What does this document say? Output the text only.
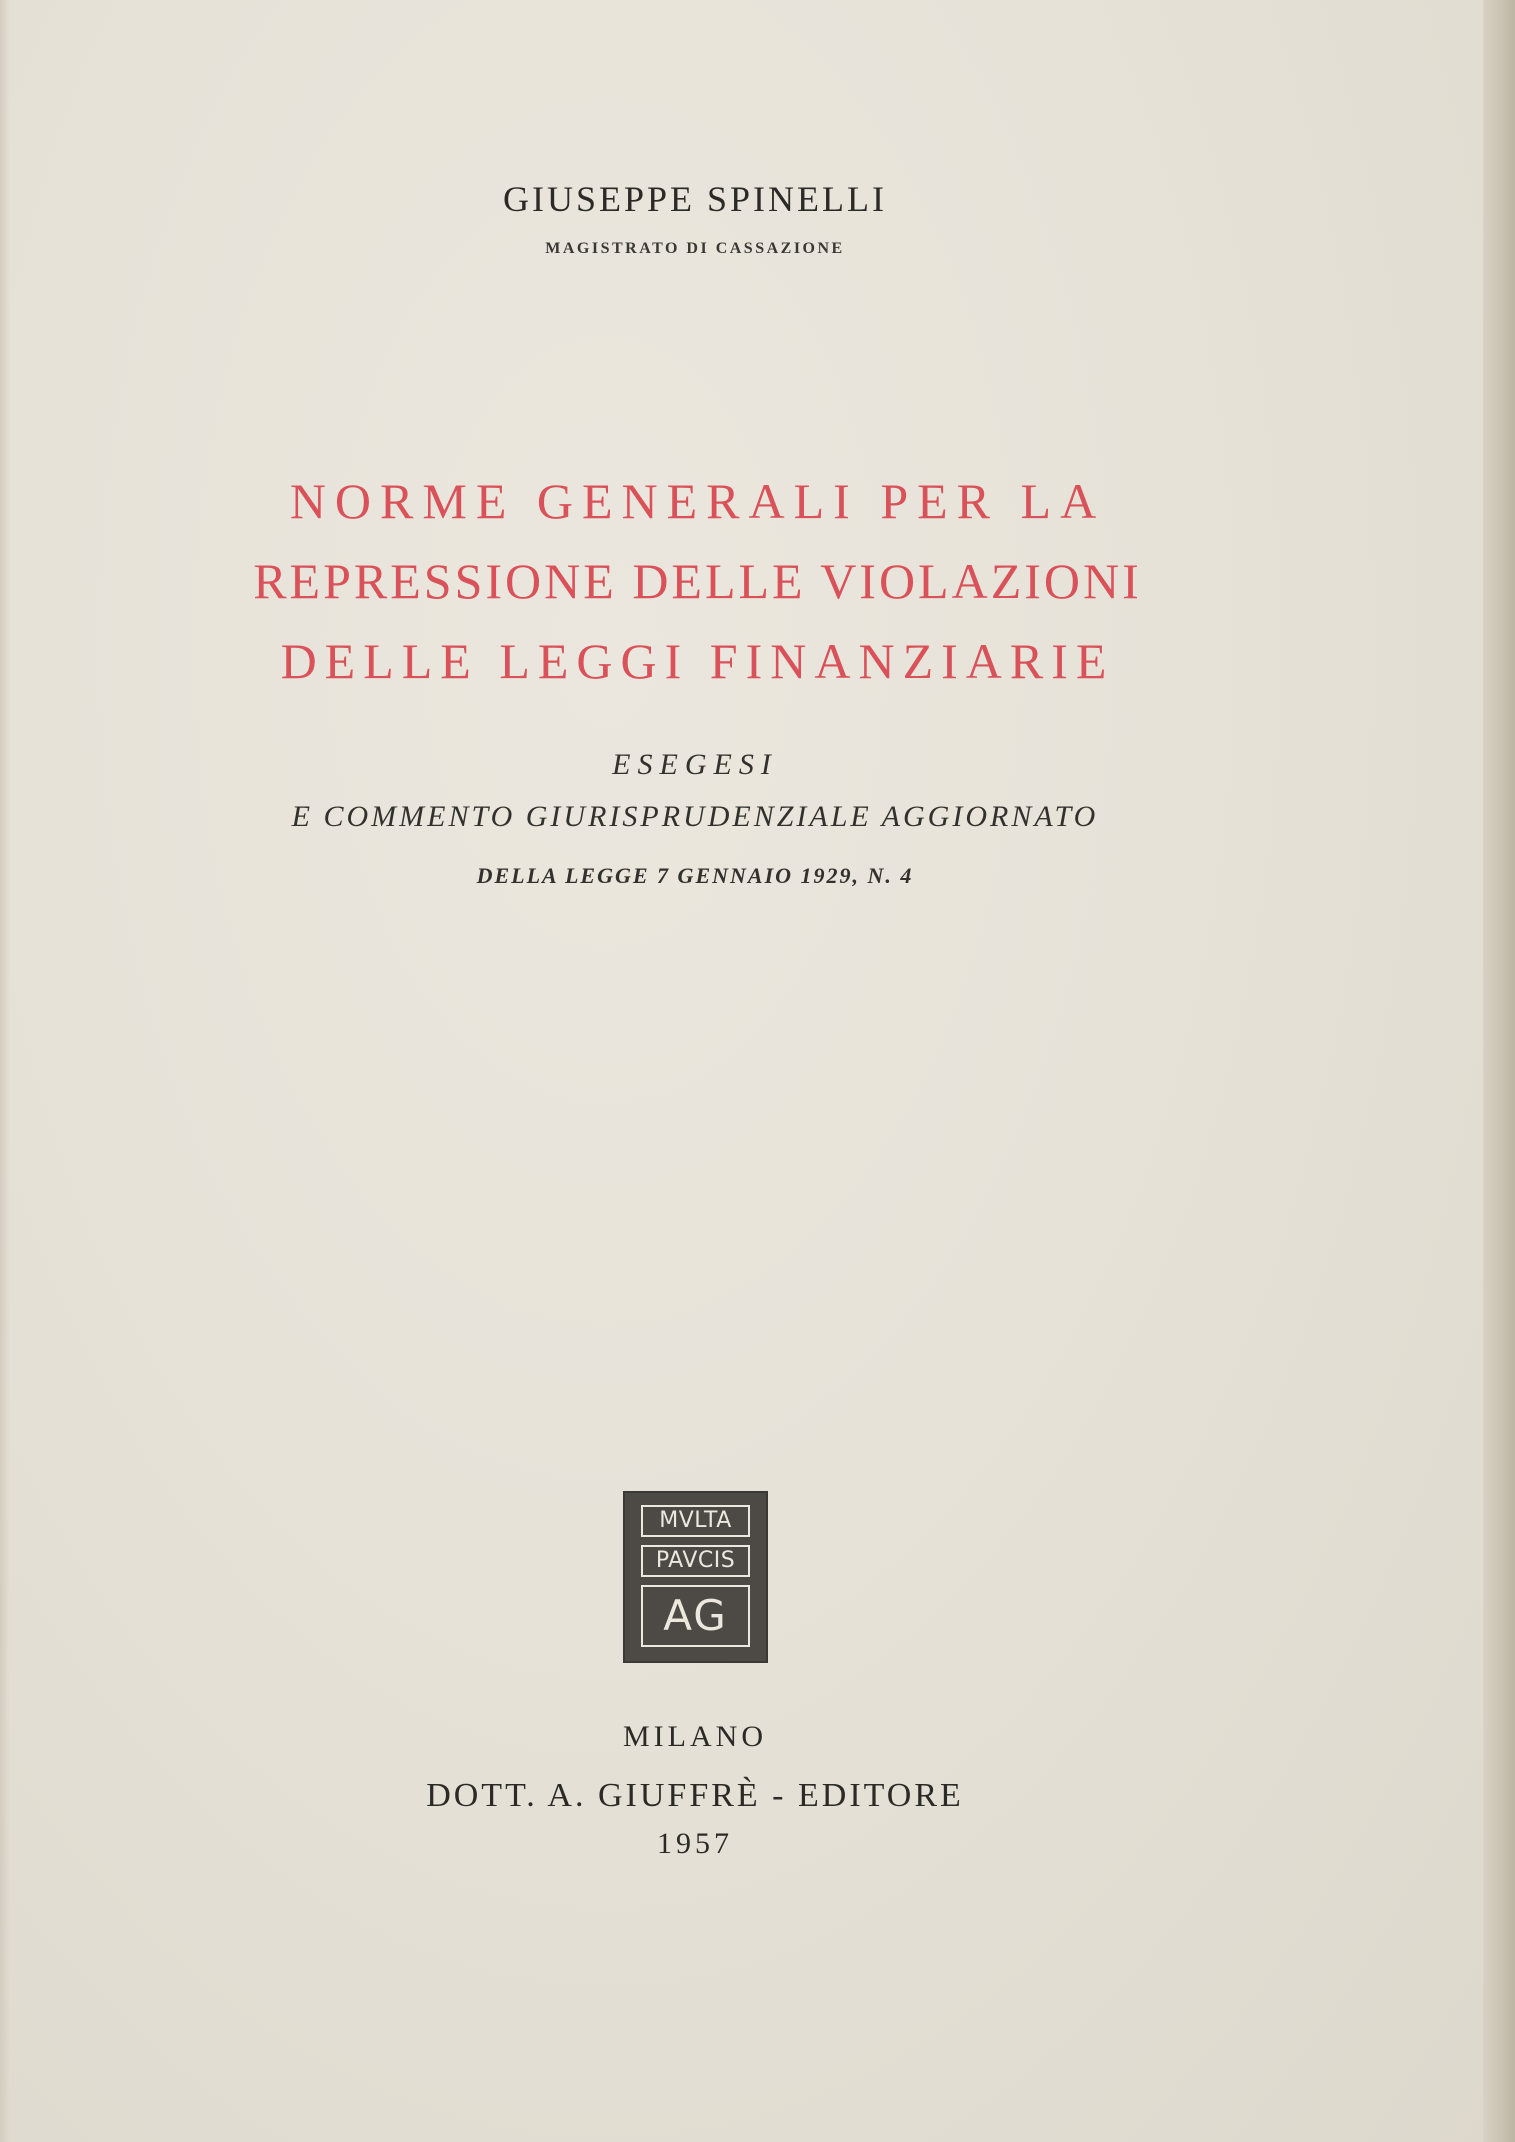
GIUSEPPE SPINELLI
MAGISTRATO DI CASSAZIONE
NORME GENERALI PER LA
REPRESSIONE DELLE VIOLAZIONI
DELLE LEGGI FINANZIARIE
ESEGESI
E COMMENTO GIURISPRUDENZIALE AGGIORNATO
DELLA LEGGE 7 GENNAIO 1929, N. 4
MVLTA
PAVCIS
AG
MILANO
DOTT. A. GIUFFRÈ - EDITORE
1957
